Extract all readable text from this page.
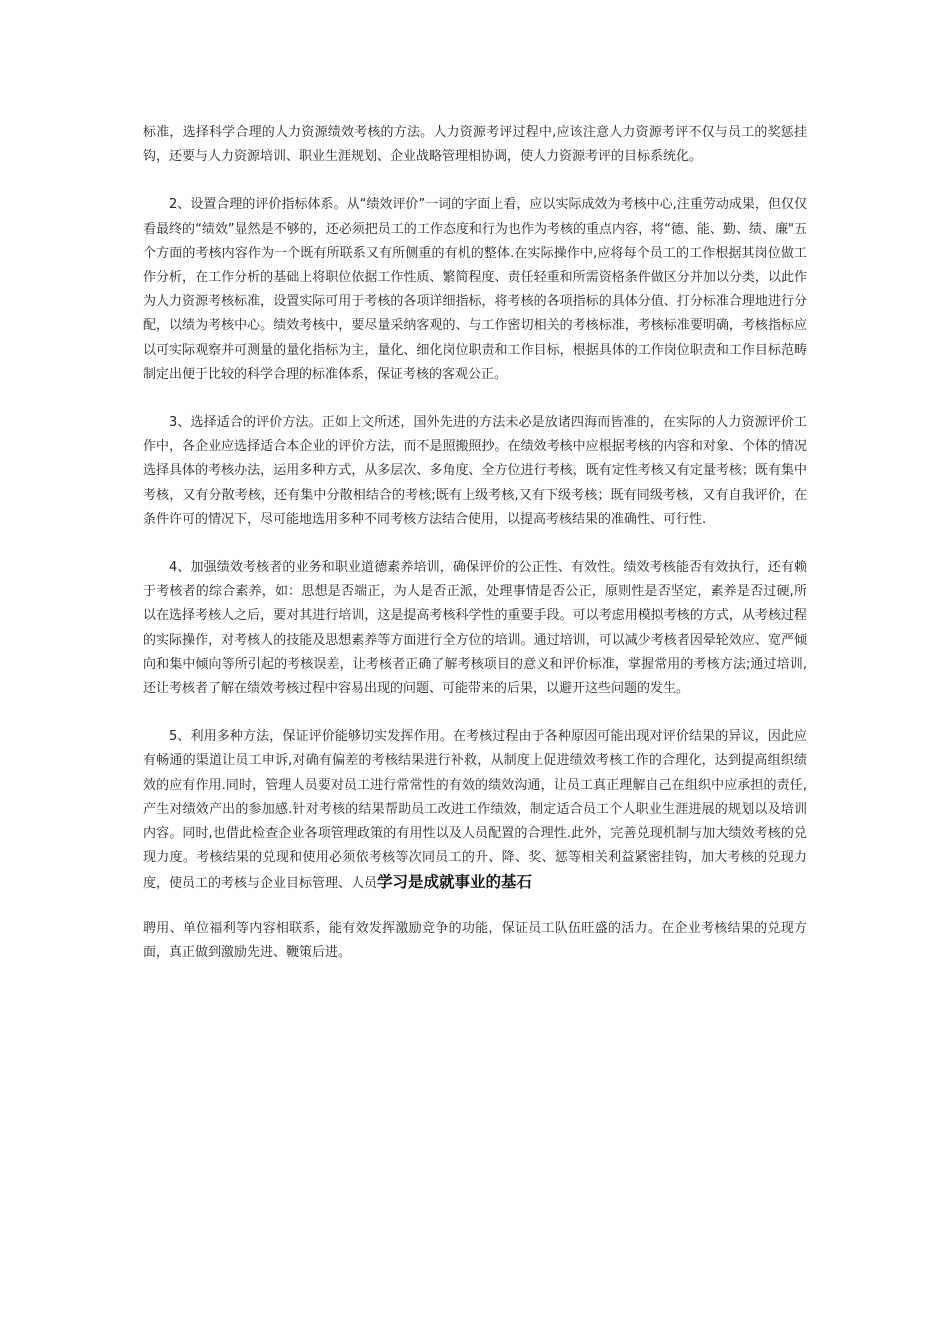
标准，选择科学合理的人力资源绩效考核的方法。人力资源考评过程中,应该注意人力资源考评不仅与员工的奖惩挂钩，还要与人力资源培训、职业生涯规划、企业战略管理相协调，使人力资源考评的目标系统化。

2、设置合理的评价指标体系。从“绩效评价”一词的字面上看，应以实际成效为考核中心,注重劳动成果，但仅仅看最终的“绩效”显然是不够的，还必须把员工的工作态度和行为也作为考核的重点内容，将“德、能、勤、绩、廉"五个方面的考核内容作为一个既有所联系又有所侧重的有机的整体.在实际操作中,应将每个员工的工作根据其岗位做工作分析，在工作分析的基础上将职位依据工作性质、繁简程度、责任轻重和所需资格条件做区分并加以分类，以此作为人力资源考核标准，设置实际可用于考核的各项详细指标，将考核的各项指标的具体分值、打分标准合理地进行分配，以绩为考核中心。绩效考核中，要尽量采纳客观的、与工作密切相关的考核标准，考核标准要明确，考核指标应以可实际观察并可测量的量化指标为主，量化、细化岗位职责和工作目标，根据具体的工作岗位职责和工作目标范畴制定出便于比较的科学合理的标准体系，保证考核的客观公正。

3、选择适合的评价方法。正如上文所述，国外先进的方法未必是放诸四海而皆准的，在实际的人力资源评价工作中，各企业应选择适合本企业的评价方法，而不是照搬照抄。在绩效考核中应根据考核的内容和对象、个体的情况选择具体的考核办法，运用多种方式，从多层次、多角度、全方位进行考核，既有定性考核又有定量考核；既有集中考核，又有分散考核，还有集中分散相结合的考核;既有上级考核,又有下级考核；既有同级考核，又有自我评价，在条件许可的情况下，尽可能地选用多种不同考核方法结合使用，以提高考核结果的准确性、可行性.

4、加强绩效考核者的业务和职业道德素养培训，确保评价的公正性、有效性。绩效考核能否有效执行，还有赖于考核者的综合素养，如：思想是否端正，为人是否正派，处理事情是否公正，原则性是否坚定，素养是否过硬,所以在选择考核人之后，要对其进行培训，这是提高考核科学性的重要手段。可以考虑用模拟考核的方式，从考核过程的实际操作，对考核人的技能及思想素养等方面进行全方位的培训。通过培训，可以减少考核者因晕轮效应、宽严倾向和集中倾向等所引起的考核误差，让考核者正确了解考核项目的意义和评价标准，掌握常用的考核方法;通过培训,还让考核者了解在绩效考核过程中容易出现的问题、可能带来的后果，以避开这些问题的发生。

5、利用多种方法，保证评价能够切实发挥作用。在考核过程由于各种原因可能出现对评价结果的异议，因此应有畅通的渠道让员工申诉,对确有偏差的考核结果进行补救，从制度上促进绩效考核工作的合理化，达到提高组织绩效的应有作用.同时，管理人员要对员工进行常常性的有效的绩效沟通，让员工真正理解自己在组织中应承担的责任,产生对绩效产出的参加感.针对考核的结果帮助员工改进工作绩效，制定适合员工个人职业生涯进展的规划以及培训内容。同时,也借此检查企业各项管理政策的有用性以及人员配置的合理性.此外，完善兑现机制与加大绩效考核的兑现力度。考核结果的兑现和使用必须依考核等次同员工的升、降、奖、惩等相关利益紧密挂钩，加大考核的兑现力度，使员工的考核与企业目标管理、人员学习是成就事业的基石

聘用、单位福利等内容相联系，能有效发挥激励竞争的功能，保证员工队伍旺盛的活力。在企业考核结果的兑现方面，真正做到激励先进、鞭策后进。
